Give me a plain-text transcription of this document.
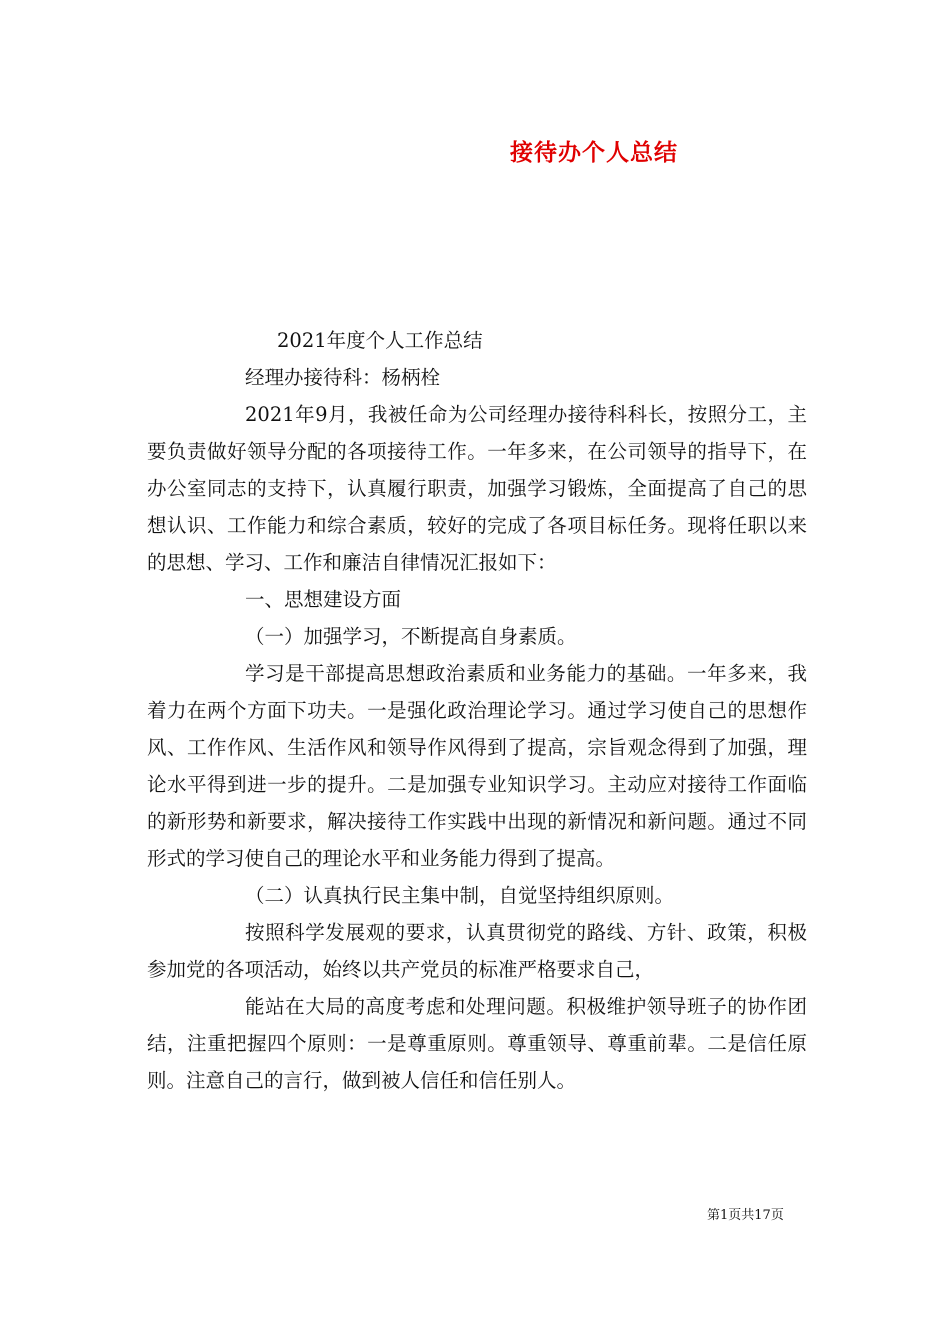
接待办个人总结

2021年度个人工作总结

经理办接待科：杨柄栓

2021年9月，我被任命为公司经理办接待科科长，按照分工，主要负责做好领导分配的各项接待工作。一年多来，在公司领导的指导下，在办公室同志的支持下，认真履行职责，加强学习锻炼，全面提高了自己的思想认识、工作能力和综合素质，较好的完成了各项目标任务。现将任职以来的思想、学习、工作和廉洁自律情况汇报如下：

一、思想建设方面

（一）加强学习，不断提高自身素质。

学习是干部提高思想政治素质和业务能力的基础。一年多来，我着力在两个方面下功夫。一是强化政治理论学习。通过学习使自己的思想作风、工作作风、生活作风和领导作风得到了提高，宗旨观念得到了加强，理论水平得到进一步的提升。二是加强专业知识学习。主动应对接待工作面临的新形势和新要求，解决接待工作实践中出现的新情况和新问题。通过不同形式的学习使自己的理论水平和业务能力得到了提高。

（二）认真执行民主集中制，自觉坚持组织原则。

按照科学发展观的要求，认真贯彻党的路线、方针、政策，积极参加党的各项活动，始终以共产党员的标准严格要求自己，

能站在大局的高度考虑和处理问题。积极维护领导班子的协作团结，注重把握四个原则：一是尊重原则。尊重领导、尊重前辈。二是信任原则。注意自己的言行，做到被人信任和信任别人。

第1页共17页
